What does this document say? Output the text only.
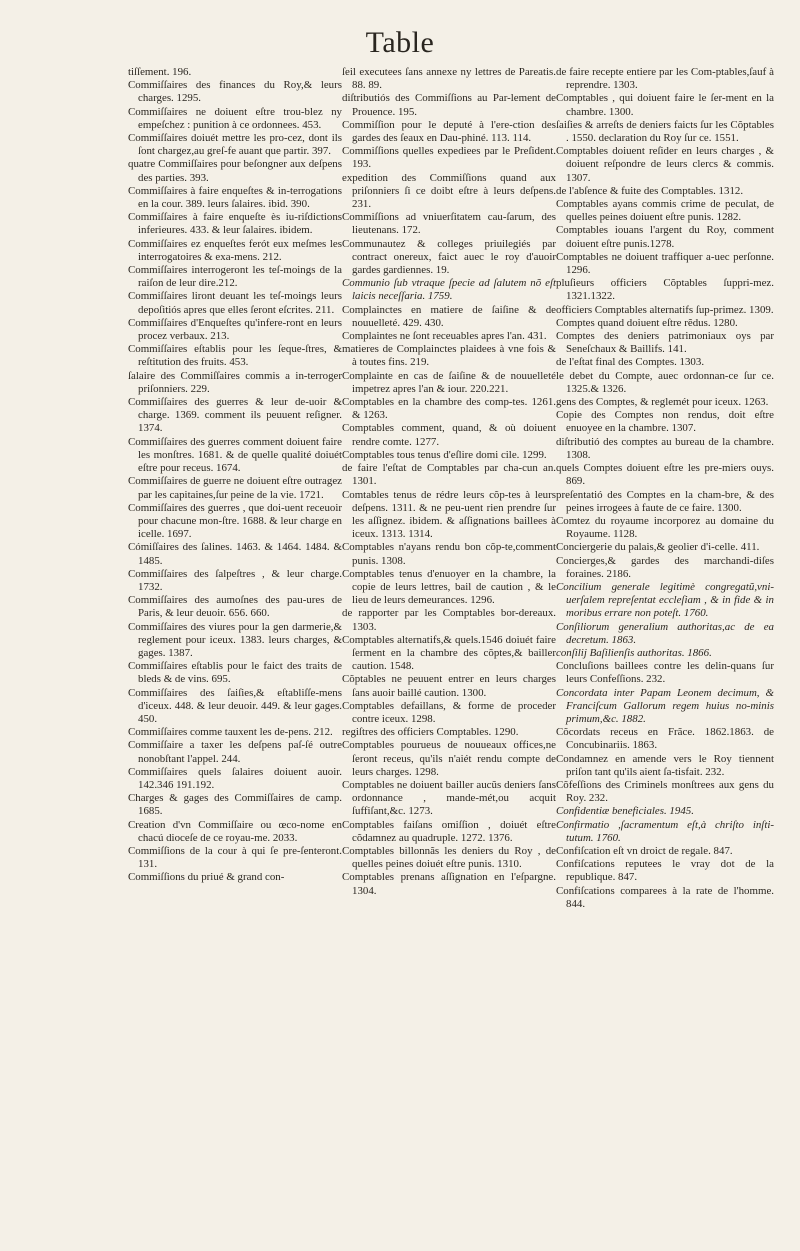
Table
tiſſement. 196.
Commiſſaires des finances du Roy,& leurs charges. 1295.
Commiſſaires ne doiuent eſtre trou-blez ny empeſchez : punition à ce ordonnees. 453.
Commiſſaires doiuét mettre les pro-cez, dont ils ſont chargez,au greſ-fe auant que partir. 397.
quatre Commiſſaires pour beſongner aux deſpens des parties. 393.
Commiſſaires à faire enqueſtes & in-terrogations en la cour. 389. leurs ſalaires. ibid. 390.
Commiſſaires à faire enqueſte ès iu-riſdictions inferieures. 433. & leur ſalaires. ibidem.
Commiſſaires ez enqueſtes ferót eux meſmes les interrogatoires & exa-mens. 212.
Commiſſaires interrogeront les teſ-moings de la raiſon de leur dire.212.
Commiſſaires liront deuant les teſ-moings leurs depoſitiós apres que elles ſeront eſcrites. 211.
Commiſſaires d'Enqueſtes qu'infere-ront en leurs procez verbaux. 213.
Commiſſaires eſtablis pour les ſeque-ſtres, & reſtitution des fruits. 453.
ſalaire des Commiſſaires commis a in-terroger priſonniers. 229.
Commiſſaires des guerres & leur de-uoir & charge. 1369. comment ils peuuent reſigner. 1374.
Commiſſaires des guerres comment doiuent faire les monſtres. 1681. & de quelle qualité doiuét eſtre pour receus. 1674.
Commiſſaires de guerre ne doiuent eſtre outragez par les capitaines,ſur peine de la vie. 1721.
Commiſſaires des guerres , que doi-uent receuoir pour chacune mon-ſtre. 1688. & leur charge en icelle. 1697.
Cómiſſaires des ſalines. 1463. & 1464. 1484. & 1485.
Commiſſaires des ſalpeſtres , & leur charge. 1732.
Commiſſaires des aumoſnes des pau-ures de Paris, & leur deuoir. 656. 660.
Commiſſaires des viures pour la gen darmerie,& reglement pour iceux. 1383. leurs charges, & gages. 1387.
Commiſſaires eſtablis pour le faict des traits de bleds & de vins. 695.
Commiſſaires des ſaiſies,& eſtabliſſe-mens d'iceux. 448. & leur deuoir. 449. & leur gages. 450.
Commiſſaires comme tauxent les de-pens. 212.
Commiſſaire a taxer les deſpens paſ-ſé outre nonobſtant l'appel. 244.
Commiſſaires quels ſalaires doiuent auoir. 142.346 191.192.
Charges & gages des Commiſſaires de camp. 1685.
Creation d'vn Commiſſaire ou œco-nome en chacú dioceſe de ce royau-me. 2033.
Commiſſions de la cour à qui ſe pre-ſenteront. 131.
Commiſſions du priué & grand con-
ſeil executees ſans annexe ny lettres de Pareatis. 88. 89.
diſtributiós des Commiſſions au Par-lement de Prouence. 195.
Commiſſion pour le deputé à l'ere-ction des gardes des ſeaux en Dau-phiné. 113. 114.
Commiſſions quelles expediees par le Preſident. 193.
expedition des Commiſſions quand aux priſonniers ſi ce doibt eſtre à leurs deſpens. 231.
Commiſſions ad vniuerſitatem cau-ſarum, des lieutenans. 172.
Communautez & colleges priuilegiés par contract onereux, faict auec le roy d'auoir gardes gardiennes. 19.
Communio ſub vtraque ſpecie ad ſalutem nõ eſt laicis neceſſaria. 1759.
Complainctes en matiere de ſaiſine & de nouuelleté. 429. 430.
Complaintes ne ſont receuables apres l'an. 431.
matieres de Complainctes plaidees à vne fois & à toutes fins. 219.
Complainte en cas de ſaiſine & de nouuelleté impetrez apres l'an & iour. 220.221.
Comptables en la chambre des comp-tes. 1261. & 1263.
Comptables comment, quand, & où doiuent rendre comte. 1277.
Comptables tous tenus d'eſlire domi cile. 1299.
de faire l'eſtat de Comptables par cha-cun an. 1301.
Comtables tenus de rédre leurs cõp-tes à leurs deſpens. 1311. & ne peu-uent rien prendre ſur les aſſignez. ibidem. & aſſignations baillees à iceux. 1313. 1314.
Comptables n'ayans rendu bon cõp-te,comment punis. 1308.
Comptables tenus d'enuoyer en la chambre, la copie de leurs lettres, bail de caution , & le lieu de leurs demeurances. 1296.
de rapporter par les Comptables bor-dereaux. 1303.
Comptables alternatifs,& quels.1546 doiuét faire ſerment en la chambre des cõptes,& bailler caution. 1548.
Cõptables ne peuuent entrer en leurs charges ſans auoir baillé caution. 1300.
Comptables defaillans, & forme de proceder contre iceux. 1298.
regiſtres des officiers Comptables. 1290.
Comptables pourueus de nouueaux offices,ne ſeront receus, qu'ils n'aiét rendu compte de leurs charges. 1298.
Comptables ne doiuent bailler aucũs deniers ſans ordonnance , mande-mét,ou acquit ſuffiſant,&c. 1273.
Comptables faiſans omiſſion , doiuét eſtre cõdamnez au quadruple. 1272. 1376.
Comptables billonnãs les deniers du Roy , de quelles peines doiuét eſtre punis. 1310.
Comptables prenans aſſignation en l'eſpargne. 1304.
de faire recepte entiere par les Com-ptables,ſauf à reprendre. 1303.
Comptables , qui doiuent faire le ſer-ment en la chambre. 1300.
ſaiſies & arreſts de deniers faicts ſur les Cõptables . 1550. declaration du Roy ſur ce. 1551.
Comptables doiuent reſider en leurs charges , & doiuent reſpondre de leurs clercs & commis. 1307.
de l'abſence & fuite des Comptables. 1312.
Comptables ayans commis crime de peculat, de quelles peines doiuent eſtre punis. 1282.
Comptables iouans l'argent du Roy, comment doiuent eſtre punis.1278.
Comptables ne doiuent traffiquer a-uec perſonne. 1296.
pluſieurs officiers Cõptables ſuppri-mez. 1321.1322.
officiers Comptables alternatifs ſup-primez. 1309.
Comptes quand doiuent eſtre rẽdus. 1280.
Comptes des deniers patrimoniaux oys par Seneſchaux & Baillifs. 141.
de l'eſtat final des Comptes. 1303.
le debet du Compte, auec ordonnan-ce ſur ce. 1325.& 1326.
gens des Comptes, & reglemét pour iceux. 1263.
Copie des Comptes non rendus, doit eſtre enuoyee en la chambre. 1307.
diſtributió des comptes au bureau de la chambre. 1308.
quels Comptes doiuent eſtre les pre-miers ouys. 869.
preſentatió des Comptes en la cham-bre, & des peines irrogees à faute de ce faire. 1300.
Comtez du royaume incorporez au domaine du Royaume. 1128.
Conciergerie du palais,& geolier d'i-celle. 411.
Concierges,& gardes des marchandi-diſes foraines. 2186.
Concilium generale legitimè congregatũ,vni-uerſalem repreſentat eccleſiam , & in fide & in moribus errare non poteſt. 1760.
Conſiliorum generalium authoritas,ac de ea decretum. 1863.
conſilij Baſilienſis authoritas. 1866.
Concluſions baillees contre les delin-quans ſur leurs Confeſſions. 232.
Concordata inter Papam Leonem decimum, & Franciſcum Gallorum regem huius no-minis primum,&c. 1882.
Cõcordats receus en Frãce. 1862.1863. de Concubinariis. 1863.
Condamnez en amende vers le Roy tiennent priſon tant qu'ils aient ſa-tisfait. 232.
Cõfeſſions des Criminels monſtrees aux gens du Roy. 232.
Confidentiæ beneficiales. 1945.
Confirmatio ,ſacramentum eſt,à chriſto inſti-tutum. 1760.
Confiſcation eſt vn droict de regale. 847.
Confiſcations reputees le vray dot de la republique. 847.
Confiſcations comparees à la rate de l'homme. 844.
